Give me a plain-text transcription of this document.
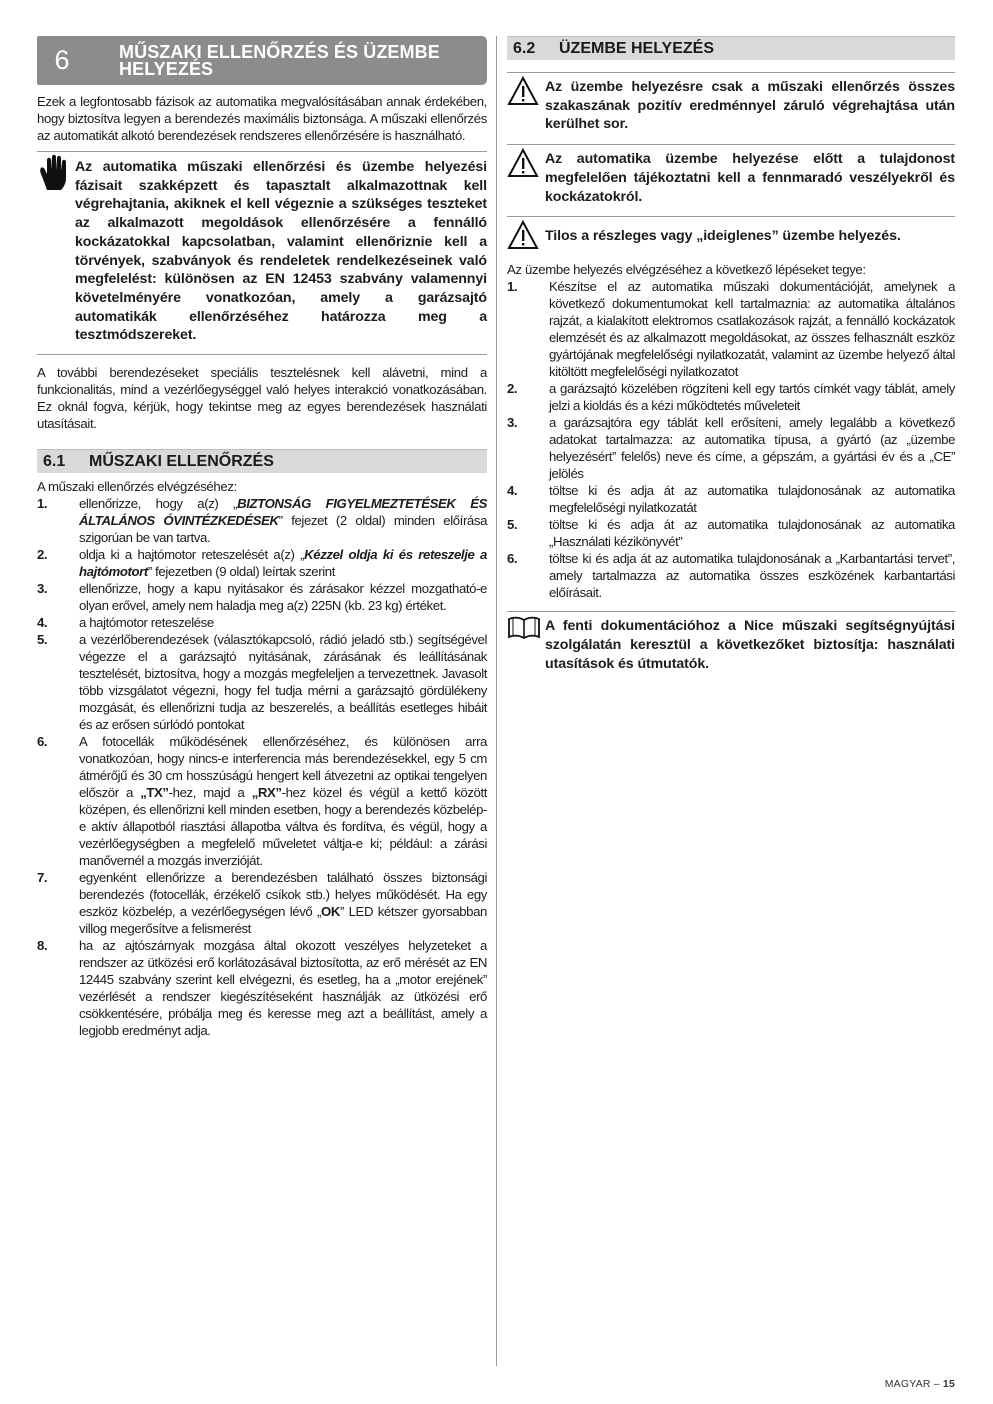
6	MŰSZAKI ELLENŐRZÉS ÉS ÜZEMBE
HELYEZÉS

Ezek a legfontosabb fázisok az automatika megvalósításában annak érdekében, hogy biztosítva legyen a berendezés maximális biztonsága. A műszaki ellenőrzés az automatikát alkotó berendezések rendszeres ellenőrzésére is használható.

Az automatika műszaki ellenőrzési és üzembe helyezési fázisait szakképzett és tapasztalt alkalmazottnak kell végrehajtania, akiknek el kell végeznie a szükséges teszteket az alkalmazott megoldások ellenőrzésére a fennálló kockázatokkal kapcsolatban, valamint ellenőriznie kell a törvények, szabványok és rendeletek rendelkezéseinek való megfelelést: különösen az EN 12453 szabvány valamennyi követelményére vonatkozóan, amely a garázsajtó automatikák ellenőrzéséhez határozza meg a tesztmódszereket.

A további berendezéseket speciális tesztelésnek kell alávetni, mind a funkcionalitás, mind a vezérlőegységgel való helyes interakció vonatkozásában. Ez oknál fogva, kérjük, hogy tekintse meg az egyes berendezések használati utasításait.

6.1	MŰSZAKI ELLENŐRZÉS

A műszaki ellenőrzés elvégzéséhez:

1.	ellenőrizze, hogy a(z) „BIZTONSÁG FIGYELMEZTETÉSEK ÉS ÁLTALÁNOS ÓVINTÉZKEDÉSEK” fejezet (2 oldal) minden előírása szigorúan be van tartva.
2.	oldja ki a hajtómotor reteszelését a(z) „Kézzel oldja ki és reteszelje a hajtómotort” fejezetben (9 oldal) leírtak szerint
3.	ellenőrizze, hogy a kapu nyitásakor és zárásakor kézzel mozgatható-e olyan erővel, amely nem haladja meg a(z) 225N (kb. 23 kg) értéket.
4.	a hajtómotor reteszelése
5.	a vezérlőberendezések (választókapcsoló, rádió jeladó stb.) segítségével végezze el a garázsajtó nyitásának, zárásának és leállításának tesztelését, biztosítva, hogy a mozgás megfeleljen a tervezettnek. Javasolt több vizsgálatot végezni, hogy fel tudja mérni a garázsajtó gördülékeny mozgását, és ellenőrizni tudja az beszerelés, a beállítás esetleges hibáit és az erősen súrlódó pontokat
6.	A fotocellák működésének ellenőrzéséhez, és különösen arra vonatkozóan, hogy nincs-e interferencia más berendezésekkel, egy 5 cm átmérőjű és 30 cm hosszúságú hengert kell átvezetni az optikai tengelyen először a „TX”-hez, majd a „RX”-hez közel és végül a kettő között középen, és ellenőrizni kell minden esetben, hogy a berendezés közbelép-e aktív állapotból riasztási állapotba váltva és fordítva, és végül, hogy a vezérlőegységben a megfelelő műveletet váltja-e ki; például: a zárási manővernél a mozgás inverzióját.
7.	egyenként ellenőrizze a berendezésben található összes biztonsági berendezés (fotocellák, érzékelő csíkok stb.) helyes működését. Ha egy eszköz közbelép, a vezérlőegységen lévő „OK” LED kétszer gyorsabban villog megerősítve a felismerést
8.	ha az ajtószárnyak mozgása által okozott veszélyes helyzeteket a rendszer az ütközési erő korlátozásával biztosította, az erő mérését az EN 12445 szabvány szerint kell elvégezni, és esetleg, ha a „motor erejének” vezérlését a rendszer kiegészítéseként használják az ütközési erő csökkentésére, próbálja meg és keresse meg azt a beállítást, amely a legjobb eredményt adja.
6.2	ÜZEMBE HELYEZÉS
Az üzembe helyezésre csak a műszaki ellenőrzés összes szakaszának pozitív eredménnyel záruló végrehajtása után kerülhet sor.
Az automatika üzembe helyezése előtt a tulajdonost megfelelően tájékoztatni kell a fennmaradó veszélyekről és kockázatokról.
Tilos a részleges vagy „ideiglenes” üzembe helyezés.

Az üzembe helyezés elvégzéséhez a következő lépéseket tegye:

1.	Készítse el az automatika műszaki dokumentációját, amelynek a következő dokumentumokat kell tartalmaznia: az automatika általános rajzát, a kialakított elektromos csatlakozások rajzát, a fennálló kockázatok elemzését és az alkalmazott megoldásokat, az összes felhasznált eszköz gyártójának megfelelőségi nyilatkozatát, valamint az üzembe helyező által kitöltött megfelelőségi nyilatkozatot
2.	a garázsajtó közelében rögzíteni kell egy tartós címkét vagy táblát, amely jelzi a kioldás és a kézi működtetés műveleteit
3.	a garázsajtóra egy táblát kell erősíteni, amely legalább a következő adatokat tartalmazza: az automatika típusa, a gyártó (az „üzembe helyezésért” felelős) neve és címe, a gépszám, a gyártási év és a „CE” jelölés
4.	töltse ki és adja át az automatika tulajdonosának az automatika megfelelőségi nyilatkozatát
5.	töltse ki és adja át az automatika tulajdonosának az automatika „Használati kézikönyvét”
6.	töltse ki és adja át az automatika tulajdonosának a „Karbantartási tervet”, amely tartalmazza az automatika összes eszközének karbantartási előírásait.
A fenti dokumentációhoz a Nice műszaki segítségnyújtási szolgálatán keresztül a következőket biztosítja: használati utasítások és útmutatók.
MAGYAR – 15
